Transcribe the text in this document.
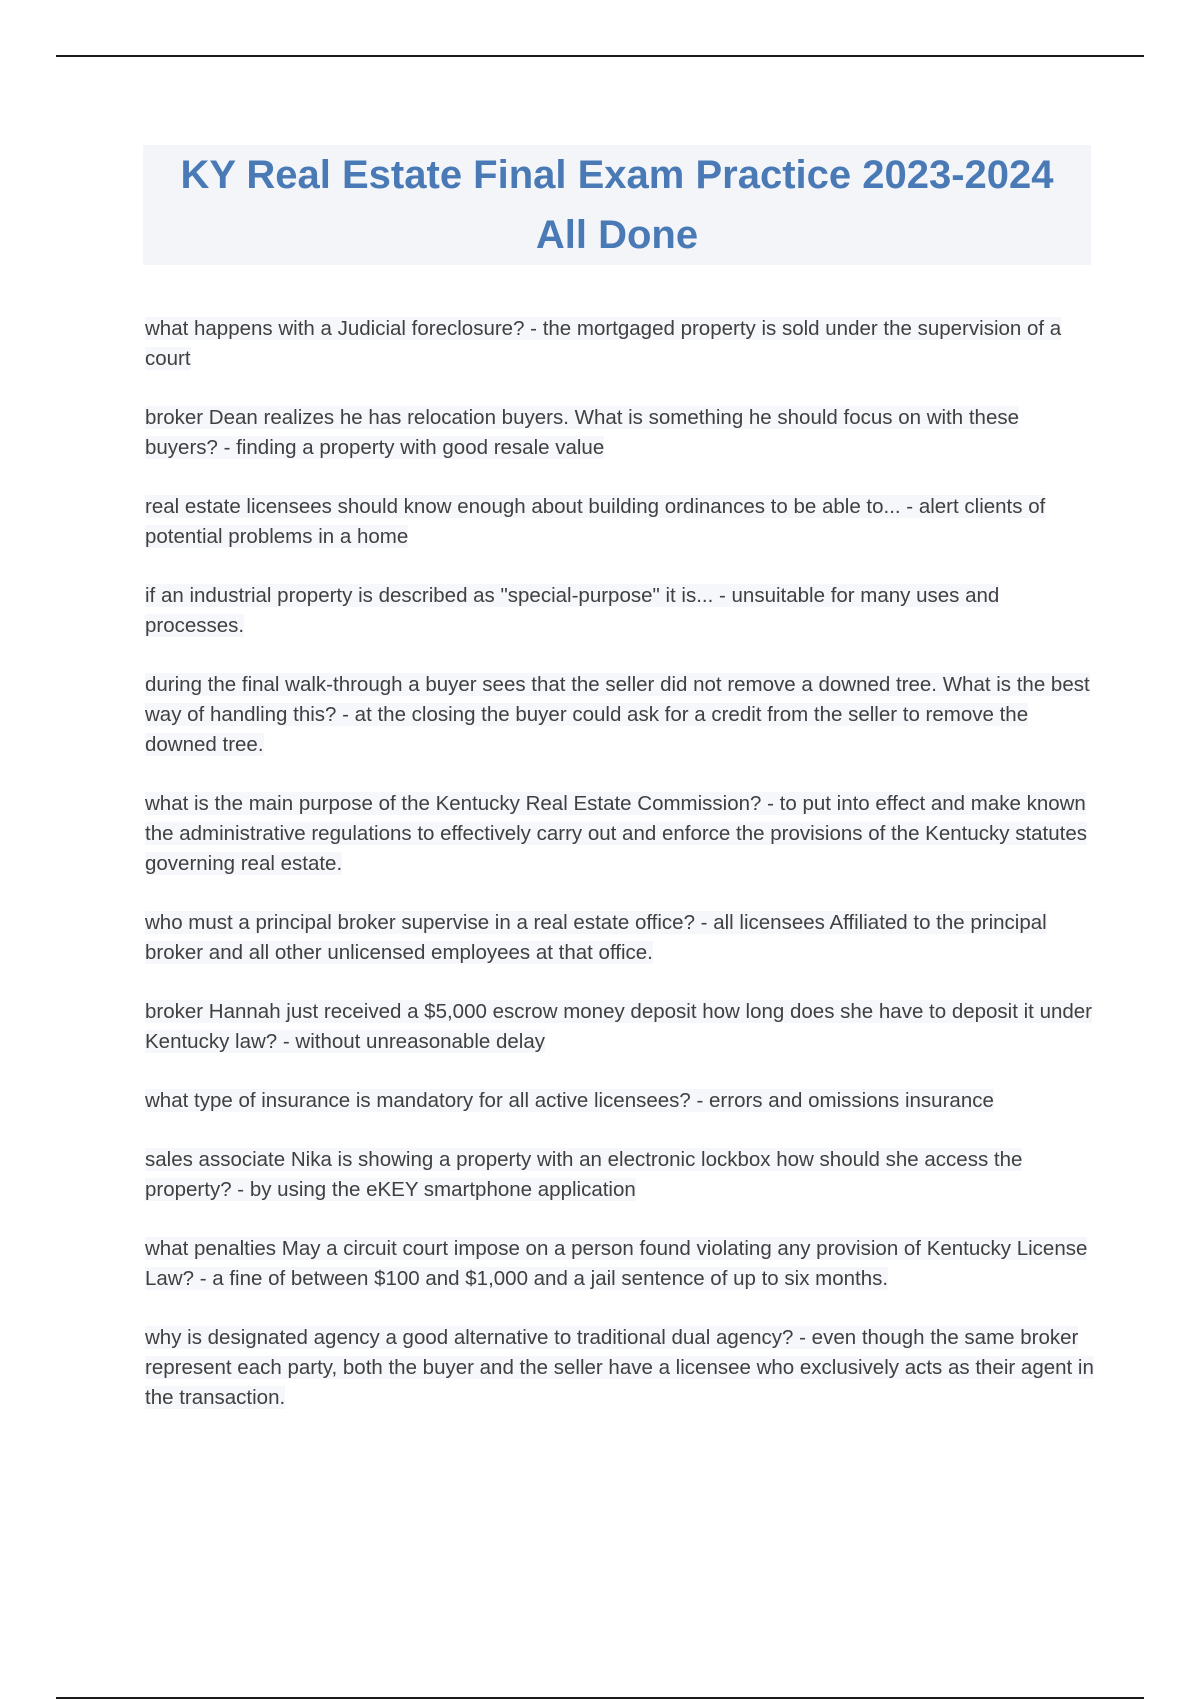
KY Real Estate Final Exam Practice 2023-2024
All Done
what happens with a Judicial foreclosure? - the mortgaged property is sold under the supervision of a court
broker Dean realizes he has relocation buyers. What is something he should focus on with these buyers? - finding a property with good resale value
real estate licensees should know enough about building ordinances to be able to... - alert clients of potential problems in a home
if an industrial property is described as "special-purpose" it is... - unsuitable for many uses and processes.
during the final walk-through a buyer sees that the seller did not remove a downed tree. What is the best way of handling this? - at the closing the buyer could ask for a credit from the seller to remove the downed tree.
what is the main purpose of the Kentucky Real Estate Commission? - to put into effect and make known the administrative regulations to effectively carry out and enforce the provisions of the Kentucky statutes governing real estate.
who must a principal broker supervise in a real estate office? - all licensees Affiliated to the principal broker and all other unlicensed employees at that office.
broker Hannah just received a $5,000 escrow money deposit how long does she have to deposit it under Kentucky law? - without unreasonable delay
what type of insurance is mandatory for all active licensees? - errors and omissions insurance
sales associate Nika is showing a property with an electronic lockbox how should she access the property? - by using the eKEY smartphone application
what penalties May a circuit court impose on a person found violating any provision of Kentucky License Law? - a fine of between $100 and $1,000 and a jail sentence of up to six months.
why is designated agency a good alternative to traditional dual agency? - even though the same broker represent each party, both the buyer and the seller have a licensee who exclusively acts as their agent in the transaction.
